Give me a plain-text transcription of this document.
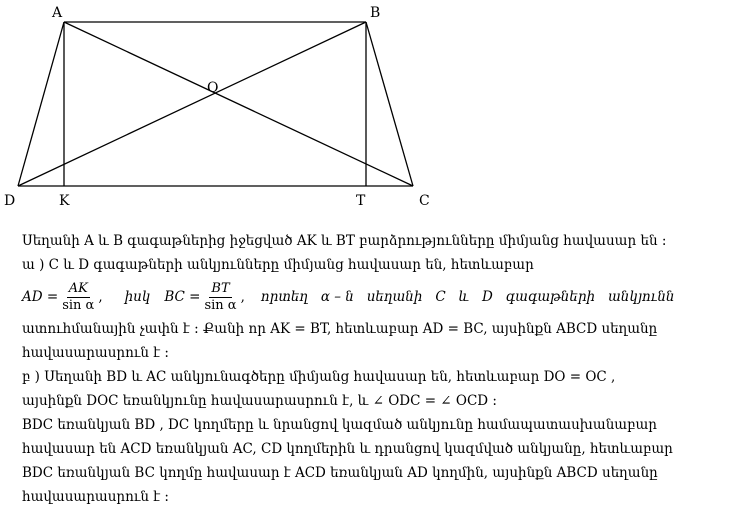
A	B
O
D	K	T	C
Սեղանի A և B գագաթներից իջեցված AK և BT բարձրությունները միմյանց հավասար են :
ա ) C և D գագաթների անկյունները միմյանց հավասար են, հետևաբար
AD = $\frac{AK}{\text{sin α}}$ , իսկ BC = $\frac{BT}{\text{sin α}}$ , որտեղ   α – ն   սեղանի   C   և   D   գագաթների   անկյունն
ատուհմանային չափն է : Քանի որ AK = BT, հետևաբար AD = BC, այսինքն ABCD սեղանը
հավասարասրուն է :
բ ) Սեղանի BD և AC անկյունագծերը միմյանց հավասար են, հետևաբար DO = OC ,
այսինքն DOC եռանկյունը հավասարասրուն է, և ∠ ODC = ∠ OCD :
BDC եռանկյան BD , DC կողմերը և նրանցով կազմած անկյունը համապատասխանաբար
հավասար են ACD եռանկյան AC, CD կողմերին և դրանցով կազմված անկյանը, հետևաբար
BDC եռանկյան BC կողմը հավասար է ACD եռանկյան AD կողմին, այսինքն ABCD սեղանը
հավասարասրուն է :
